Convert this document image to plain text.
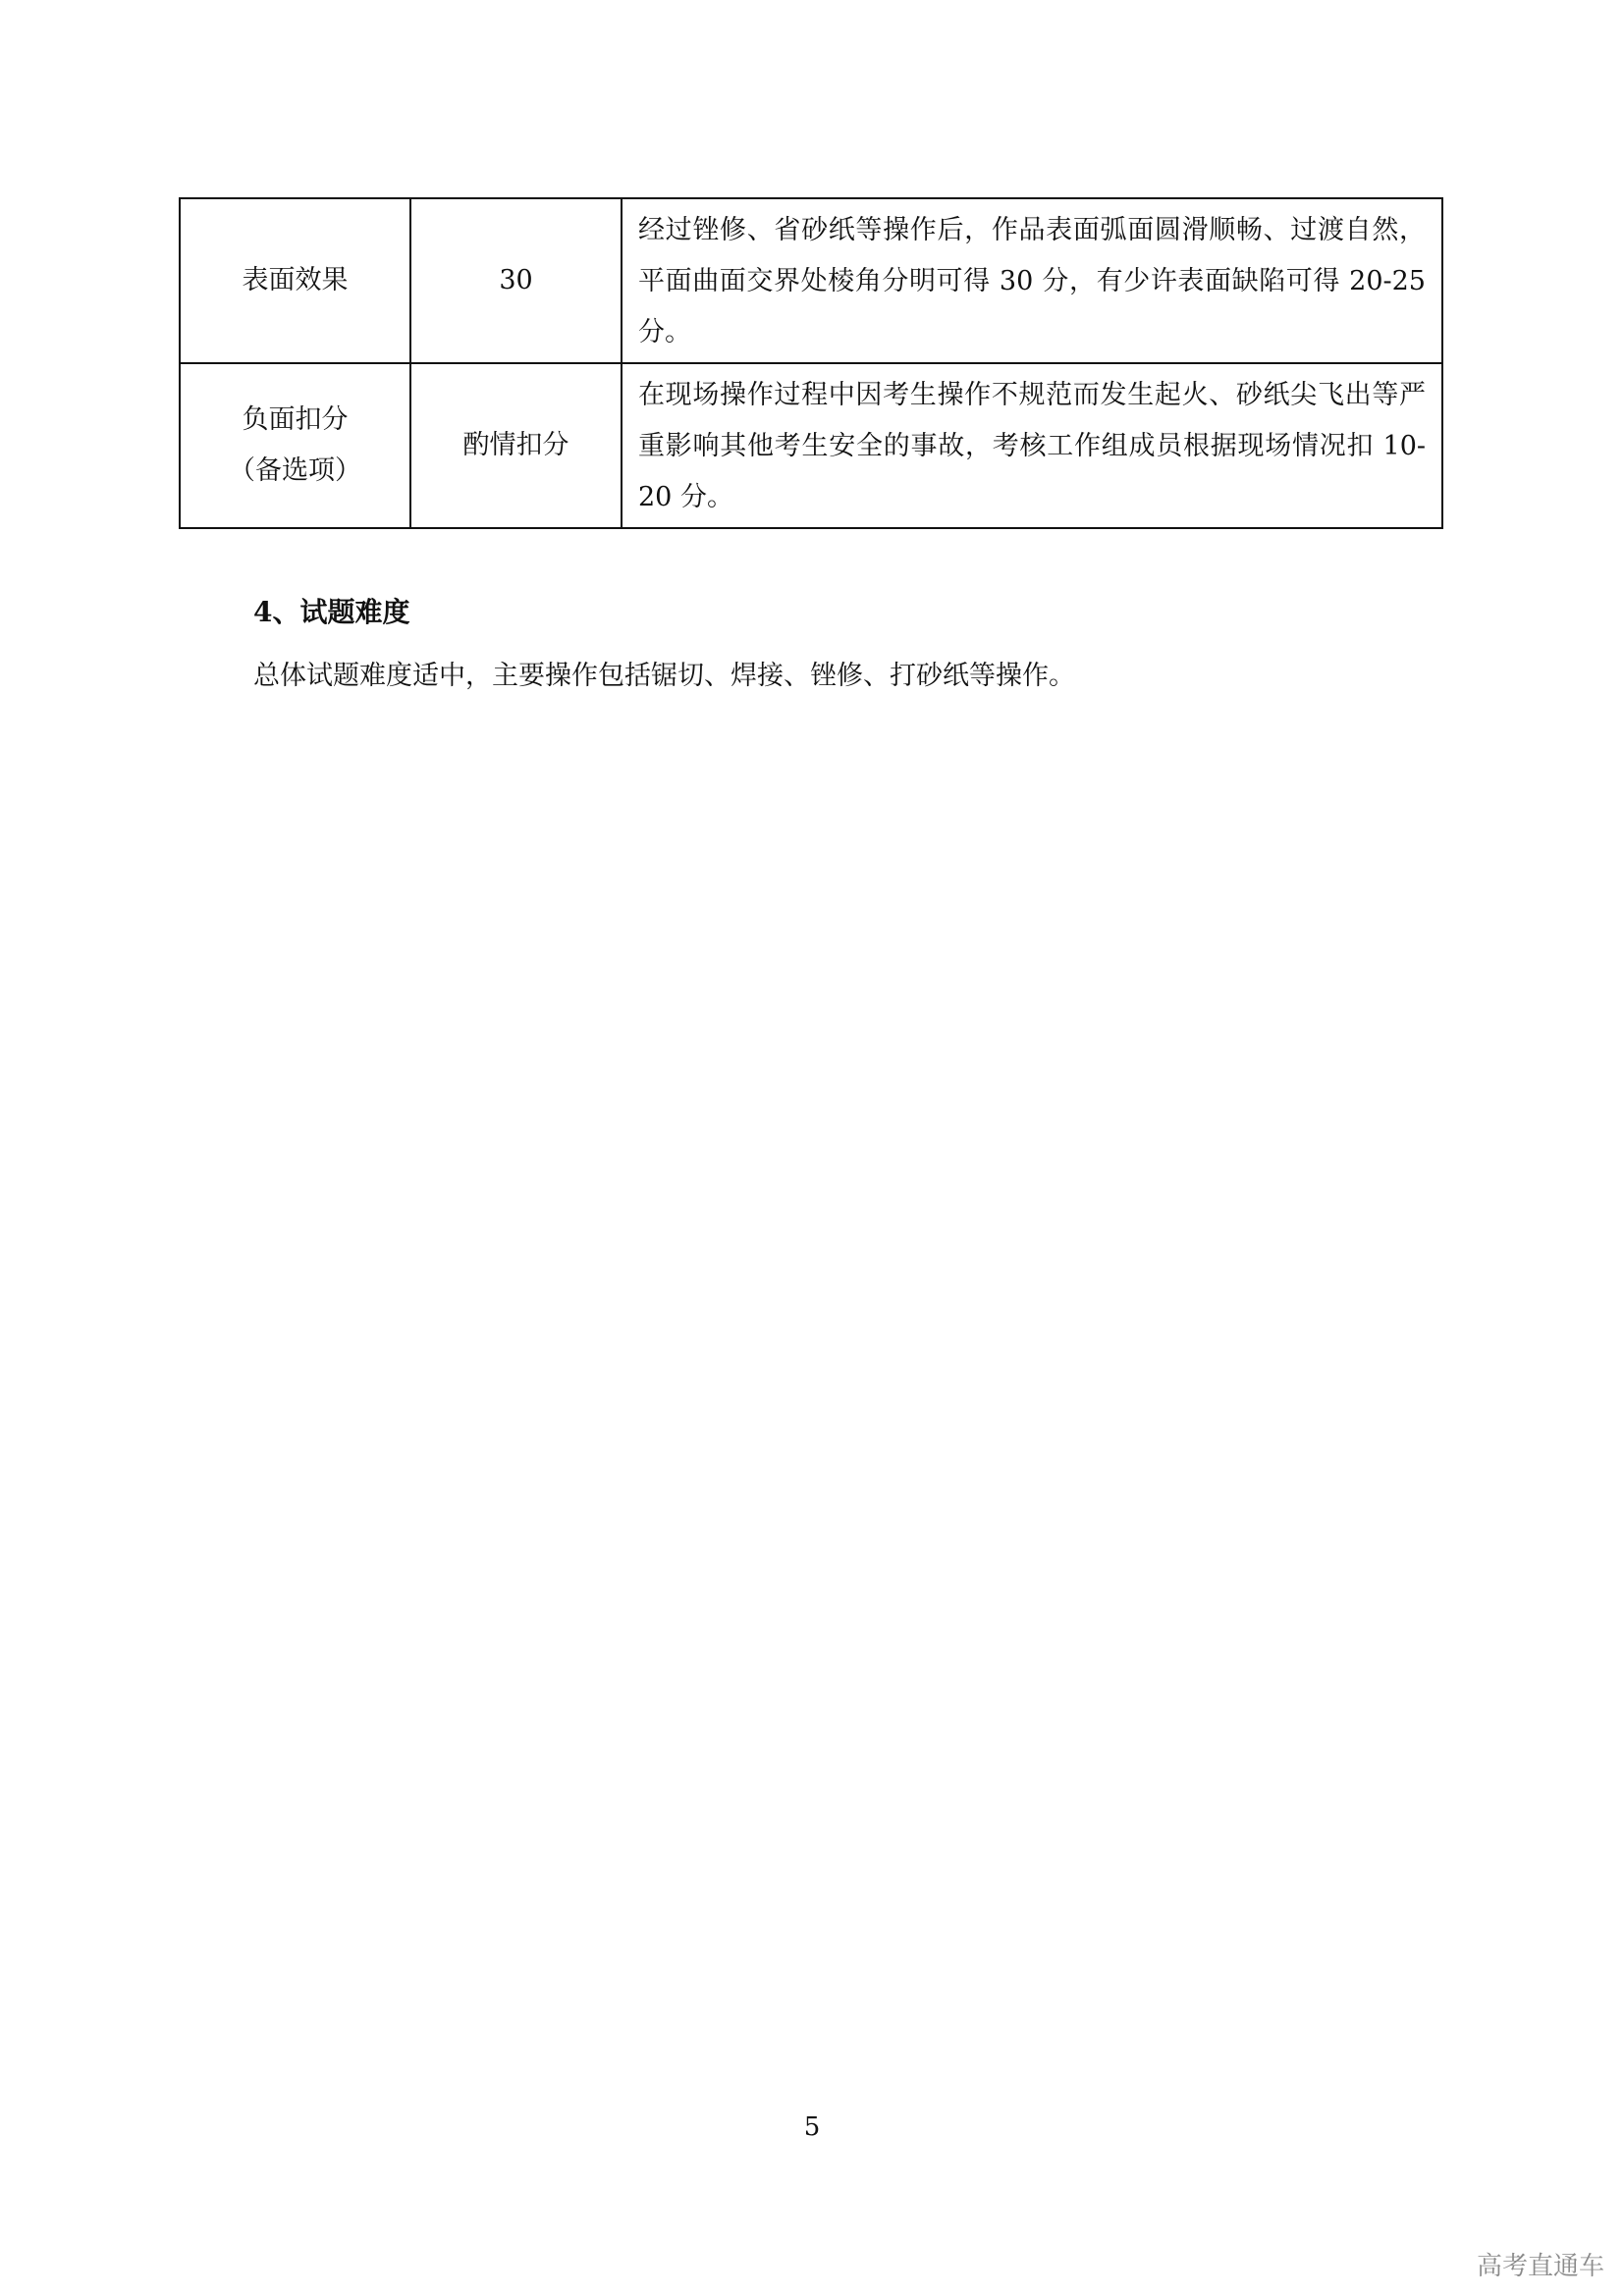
表面效果	30	经过锉修、省砂纸等操作后，作品表面弧面圆滑顺畅、过渡自然，平面曲面交界处棱角分明可得 30 分，有少许表面缺陷可得 20-25 分。

负面扣分
（备选项）	酌情扣分	在现场操作过程中因考生操作不规范而发生起火、砂纸尖飞出等严重影响其他考生安全的事故，考核工作组成员根据现场情况扣 10-20 分。
4、试题难度
总体试题难度适中，主要操作包括锯切、焊接、锉修、打砂纸等操作。
5
高考直通车
